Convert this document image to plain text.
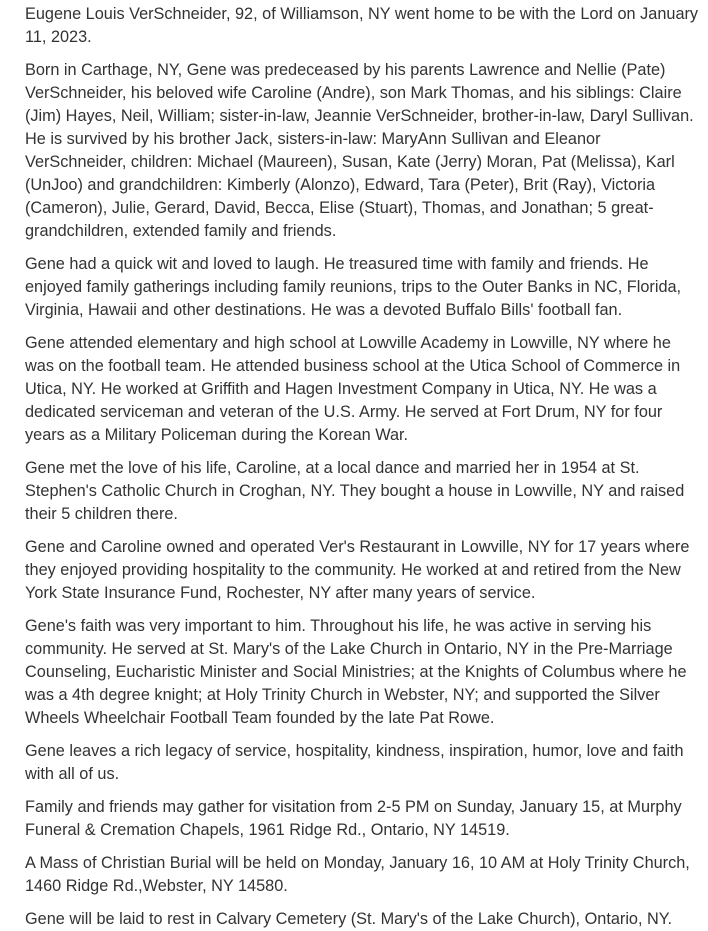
Eugene Louis VerSchneider, 92, of Williamson, NY went home to be with the Lord on January 11, 2023.

Born in Carthage, NY, Gene was predeceased by his parents Lawrence and Nellie (Pate) VerSchneider, his beloved wife Caroline (Andre), son Mark Thomas, and his siblings: Claire (Jim) Hayes, Neil, William; sister-in-law, Jeannie VerSchneider, brother-in-law, Daryl Sullivan. He is survived by his brother Jack, sisters-in-law: MaryAnn Sullivan and Eleanor VerSchneider, children: Michael (Maureen), Susan, Kate (Jerry) Moran, Pat (Melissa), Karl (UnJoo) and grandchildren: Kimberly (Alonzo), Edward, Tara (Peter), Brit (Ray), Victoria (Cameron), Julie, Gerard, David, Becca, Elise (Stuart), Thomas, and Jonathan; 5 great-grandchildren, extended family and friends.

Gene had a quick wit and loved to laugh. He treasured time with family and friends. He enjoyed family gatherings including family reunions, trips to the Outer Banks in NC, Florida, Virginia, Hawaii and other destinations. He was a devoted Buffalo Bills' football fan.

Gene attended elementary and high school at Lowville Academy in Lowville, NY where he was on the football team. He attended business school at the Utica School of Commerce in Utica, NY. He worked at Griffith and Hagen Investment Company in Utica, NY. He was a dedicated serviceman and veteran of the U.S. Army. He served at Fort Drum, NY for four years as a Military Policeman during the Korean War.

Gene met the love of his life, Caroline, at a local dance and married her in 1954 at St. Stephen's Catholic Church in Croghan, NY. They bought a house in Lowville, NY and raised their 5 children there.

Gene and Caroline owned and operated Ver's Restaurant in Lowville, NY for 17 years where they enjoyed providing hospitality to the community. He worked at and retired from the New York State Insurance Fund, Rochester, NY after many years of service.

Gene's faith was very important to him. Throughout his life, he was active in serving his community. He served at St. Mary's of the Lake Church in Ontario, NY in the Pre-Marriage Counseling, Eucharistic Minister and Social Ministries; at the Knights of Columbus where he was a 4th degree knight; at Holy Trinity Church in Webster, NY; and supported the Silver Wheels Wheelchair Football Team founded by the late Pat Rowe.

Gene leaves a rich legacy of service, hospitality, kindness, inspiration, humor, love and faith with all of us.

Family and friends may gather for visitation from 2-5 PM on Sunday, January 15, at Murphy Funeral & Cremation Chapels, 1961 Ridge Rd., Ontario, NY 14519.

A Mass of Christian Burial will be held on Monday, January 16, 10 AM at Holy Trinity Church, 1460 Ridge Rd.,Webster, NY 14580.

Gene will be laid to rest in Calvary Cemetery (St. Mary's of the Lake Church), Ontario, NY.
